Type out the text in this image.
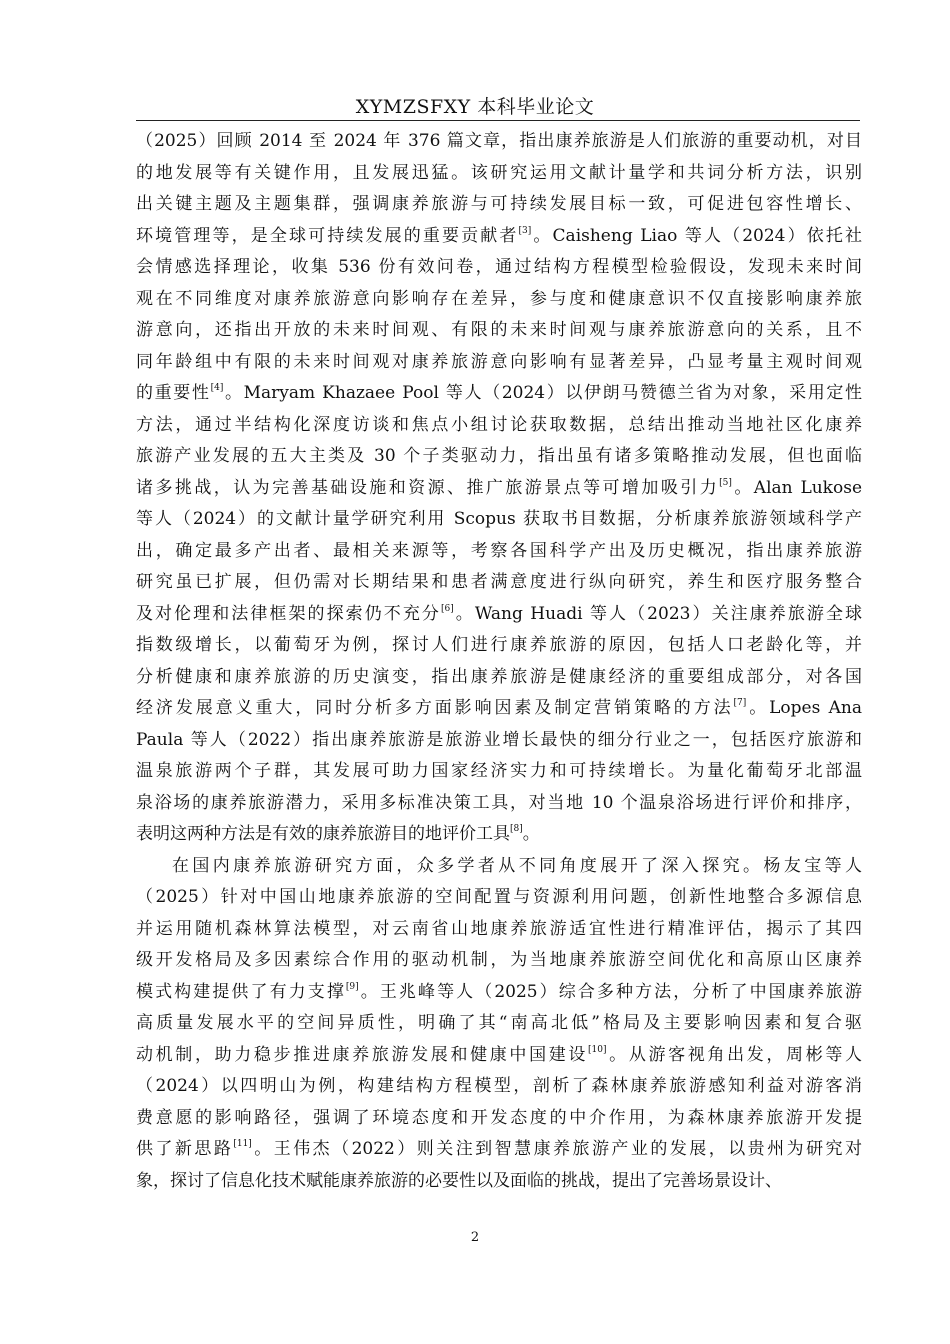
XYMZSFXY 本科毕业论文
（2025）回顾 2014 至 2024 年 376 篇文章，指出康养旅游是人们旅游的重要动机，对目
的地发展等有关键作用，且发展迅猛。该研究运用文献计量学和共词分析方法，识别
出关键主题及主题集群，强调康养旅游与可持续发展目标一致，可促进包容性增长、
环境管理等，是全球可持续发展的重要贡献者[3]。Caisheng Liao 等人（2024）依托社
会情感选择理论，收集 536 份有效问卷，通过结构方程模型检验假设，发现未来时间
观在不同维度对康养旅游意向影响存在差异，参与度和健康意识不仅直接影响康养旅
游意向，还指出开放的未来时间观、有限的未来时间观与康养旅游意向的关系，且不
同年龄组中有限的未来时间观对康养旅游意向影响有显著差异，凸显考量主观时间观
的重要性[4]。Maryam Khazaee Pool 等人（2024）以伊朗马赞德兰省为对象，采用定性
方法，通过半结构化深度访谈和焦点小组讨论获取数据，总结出推动当地社区化康养
旅游产业发展的五大主类及 30 个子类驱动力，指出虽有诸多策略推动发展，但也面临
诸多挑战，认为完善基础设施和资源、推广旅游景点等可增加吸引力[5]。Alan Lukose
等人（2024）的文献计量学研究利用 Scopus 获取书目数据，分析康养旅游领域科学产
出，确定最多产出者、最相关来源等，考察各国科学产出及历史概况，指出康养旅游
研究虽已扩展，但仍需对长期结果和患者满意度进行纵向研究，养生和医疗服务整合
及对伦理和法律框架的探索仍不充分[6]。Wang Huadi 等人（2023）关注康养旅游全球
指数级增长，以葡萄牙为例，探讨人们进行康养旅游的原因，包括人口老龄化等，并
分析健康和康养旅游的历史演变，指出康养旅游是健康经济的重要组成部分，对各国
经济发展意义重大，同时分析多方面影响因素及制定营销策略的方法[7]。Lopes Ana
Paula 等人（2022）指出康养旅游是旅游业增长最快的细分行业之一，包括医疗旅游和
温泉旅游两个子群，其发展可助力国家经济实力和可持续增长。为量化葡萄牙北部温
泉浴场的康养旅游潜力，采用多标准决策工具，对当地 10 个温泉浴场进行评价和排序，
表明这两种方法是有效的康养旅游目的地评价工具[8]。
在国内康养旅游研究方面，众多学者从不同角度展开了深入探究。杨友宝等人
（2025）针对中国山地康养旅游的空间配置与资源利用问题，创新性地整合多源信息
并运用随机森林算法模型，对云南省山地康养旅游适宜性进行精准评估，揭示了其四
级开发格局及多因素综合作用的驱动机制，为当地康养旅游空间优化和高原山区康养
模式构建提供了有力支撑[9]。王兆峰等人（2025）综合多种方法，分析了中国康养旅游
高质量发展水平的空间异质性，明确了其“南高北低”格局及主要影响因素和复合驱
动机制，助力稳步推进康养旅游发展和健康中国建设[10]。从游客视角出发，周彬等人
（2024）以四明山为例，构建结构方程模型，剖析了森林康养旅游感知利益对游客消
费意愿的影响路径，强调了环境态度和开发态度的中介作用，为森林康养旅游开发提
供了新思路[11]。王伟杰（2022）则关注到智慧康养旅游产业的发展，以贵州为研究对
象，探讨了信息化技术赋能康养旅游的必要性以及面临的挑战，提出了完善场景设计、
2
